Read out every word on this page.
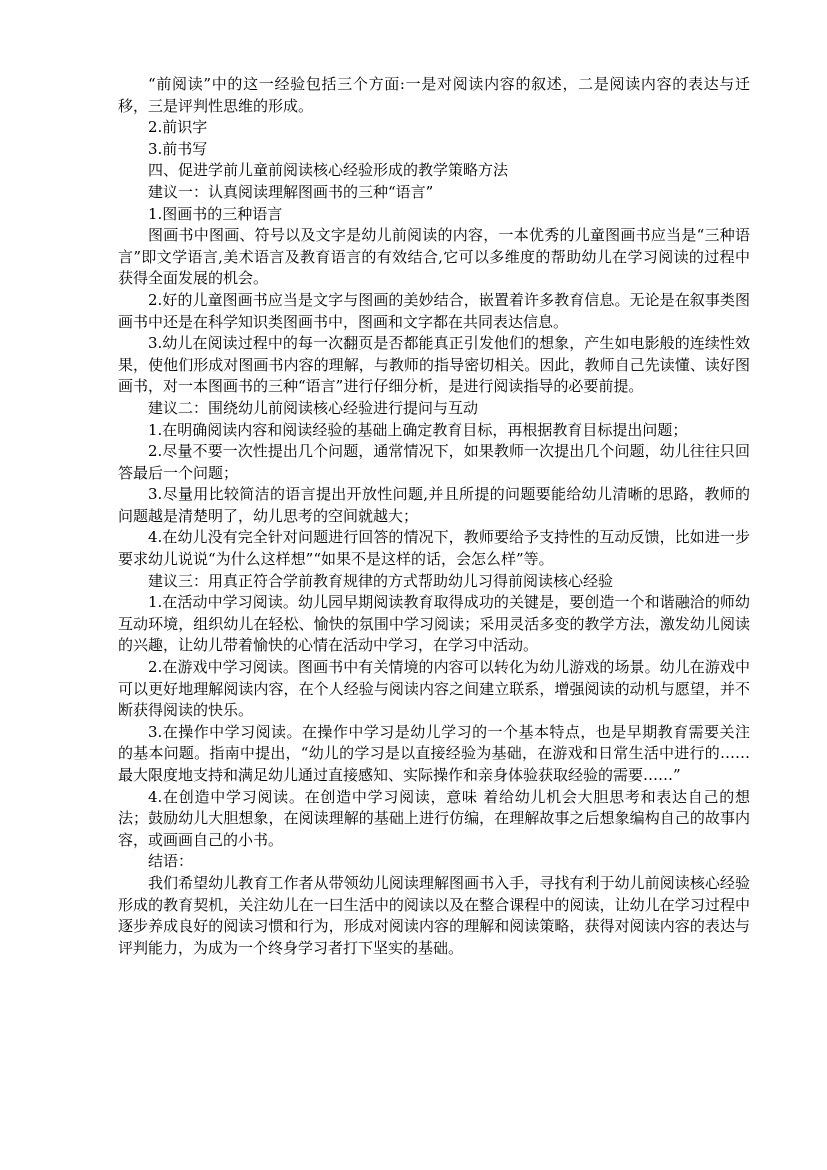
“前阅读”中的这一经验包括三个方面:一是对阅读内容的叙述，二是阅读内容的表达与迁移，三是评判性思维的形成。

2.前识字

3.前书写

四、促进学前儿童前阅读核心经验形成的教学策略方法

建议一：认真阅读理解图画书的三种“语言”

1.图画书的三种语言

图画书中图画、符号以及文字是幼儿前阅读的内容，一本优秀的儿童图画书应当是“三种语言”即文学语言,美术语言及教育语言的有效结合,它可以多维度的帮助幼儿在学习阅读的过程中获得全面发展的机会。

2.好的儿童图画书应当是文字与图画的美妙结合，嵌置着许多教育信息。无论是在叙事类图画书中还是在科学知识类图画书中，图画和文字都在共同表达信息。

3.幼儿在阅读过程中的每一次翻页是否都能真正引发他们的想象，产生如电影般的连续性效果，使他们形成对图画书内容的理解，与教师的指导密切相关。因此，教师自己先读懂、读好图画书，对一本图画书的三种“语言”进行仔细分析，是进行阅读指导的必要前提。

建议二：围绕幼儿前阅读核心经验进行提问与互动

1.在明确阅读内容和阅读经验的基础上确定教育目标，再根据教育目标提出问题；

2.尽量不要一次性提出几个问题，通常情况下，如果教师一次提出几个问题，幼儿往往只回答最后一个问题；

3.尽量用比较简洁的语言提出开放性问题,并且所提的问题要能给幼儿清晰的思路，教师的问题越是清楚明了，幼儿思考的空间就越大；

4.在幼儿没有完全针对问题进行回答的情况下，教师要给予支持性的互动反馈，比如进一步要求幼儿说说“为什么这样想”“如果不是这样的话，会怎么样”等。

建议三：用真正符合学前教育规律的方式帮助幼儿习得前阅读核心经验

1.在活动中学习阅读。幼儿园早期阅读教育取得成功的关键是，要创造一个和谐融洽的师幼互动环境，组织幼儿在轻松、愉快的氛围中学习阅读；采用灵活多变的教学方法，激发幼儿阅读的兴趣，让幼儿带着愉快的心情在活动中学习，在学习中活动。

2.在游戏中学习阅读。图画书中有关情境的内容可以转化为幼儿游戏的场景。幼儿在游戏中可以更好地理解阅读内容，在个人经验与阅读内容之间建立联系，增强阅读的动机与愿望，并不断获得阅读的快乐。

3.在操作中学习阅读。在操作中学习是幼儿学习的一个基本特点，也是早期教育需要关注 的基本问题。指南中提出，“幼儿的学习是以直接经验为基础，在游戏和日常生活中进行的……最大限度地支持和满足幼儿通过直接感知、实际操作和亲身体验获取经验的需要……”

4.在创造中学习阅读。在创造中学习阅读，意味 着给幼儿机会大胆思考和表达自己的想法；鼓励幼儿大胆想象，在阅读理解的基础上进行仿编，在理解故事之后想象编构自己的故事内容，或画画自己的小书。

结语：

我们希望幼儿教育工作者从带领幼儿阅读理解图画书入手，寻找有利于幼儿前阅读核心经验形成的教育契机，关注幼儿在一曰生活中的阅读以及在整合课程中的阅读，让幼儿在学习过程中逐步养成良好的阅读习惯和行为，形成对阅读内容的理解和阅读策略，获得对阅读内容的表达与评判能力，为成为一个终身学习者打下坚实的基础。
